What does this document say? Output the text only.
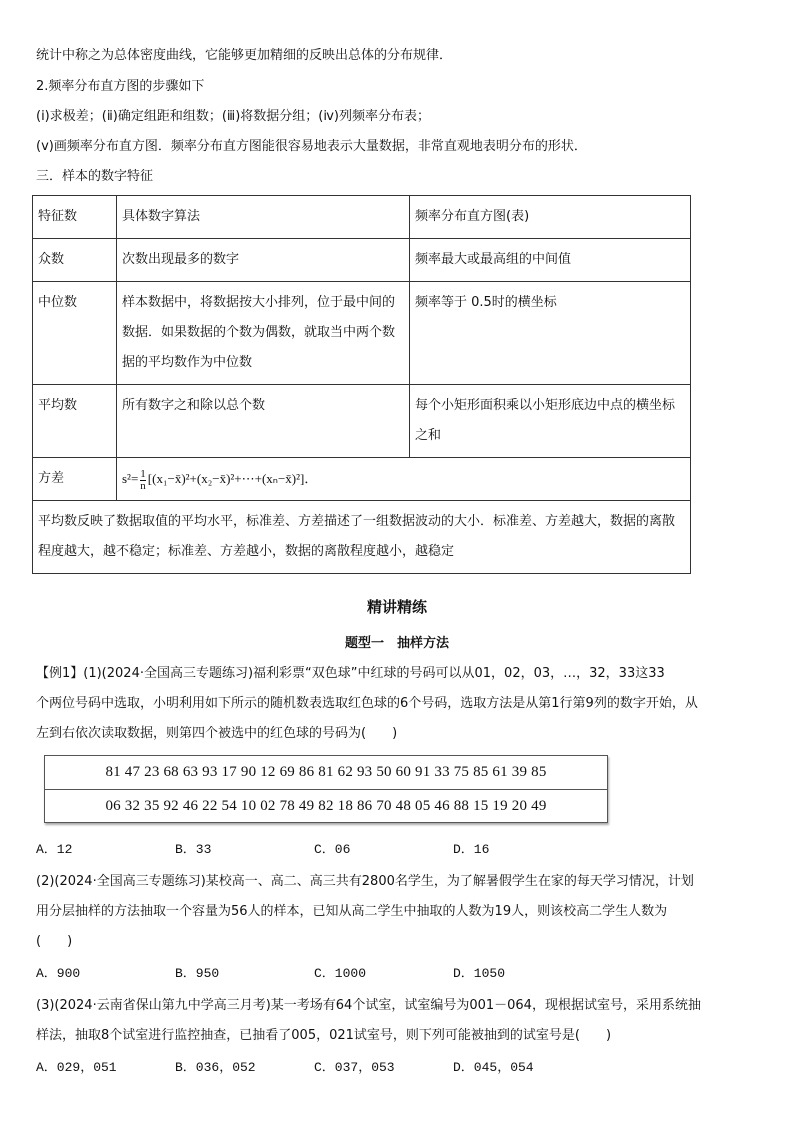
统计中称之为总体密度曲线，它能够更加精细的反映出总体的分布规律．
2.频率分布直方图的步骤如下
(ⅰ)求极差；(ⅱ)确定组距和组数；(ⅲ)将数据分组；(ⅳ)列频率分布表；
(ⅴ)画频率分布直方图．频率分布直方图能很容易地表示大量数据，非常直观地表明分布的形状．
三．样本的数字特征
特征数	具体数字算法	频率分布直方图(表)
众数	次数出现最多的数字	频率最大或最高组的中间值
中位数	样本数据中，将数据按大小排列，位于最中间的数据．如果数据的个数为偶数，就取当中两个数据的平均数作为中位数	频率等于 0.5时的横坐标
平均数	所有数字之和除以总个数	每个小矩形面积乘以小矩形底边中点的横坐标之和
方差	$s^2= \frac{1}{n}$ [(x₁−x̄)²+(x₂−x̄)²+⋯+(xₙ−x̄)²]．	
平均数反映了数据取值的平均水平，标准差、方差描述了一组数据波动的大小．标准差、方差越大，数据的离散程度越大，越不稳定；标准差、方差越小，数据的离散程度越小，越稳定		
精讲精练
题型一　抽样方法
【例1】(1)(2024·全国高三专题练习)福利彩票“双色球”中红球的号码可以从01，02，03，…，32，33这33
个两位号码中选取，小明利用如下所示的随机数表选取红色球的6个号码，选取方法是从第1行第9列的数字开始，从
左到右依次读取数据，则第四个被选中的红色球的号码为(　　)
81 47 23 68 63 93 17 90 12 69 86 81 62 93 50 60 91 33 75 85 61 39 85
06 32 35 92 46 22 54 10 02 78 49 82 18 86 70 48 05 46 88 15 19 20 49
A．12	B．33	C．06	D．16
(2)(2024·全国高三专题练习)某校高一、高二、高三共有2800名学生，为了解暑假学生在家的每天学习情况，计划
用分层抽样的方法抽取一个容量为56人的样本，已知从高二学生中抽取的人数为19人，则该校高二学生人数为
(　　)
A．900	B．950	C．1000	D．1050
(3)(2024·云南省保山第九中学高三月考)某一考场有64个试室，试室编号为001－064，现根据试室号，采用系统抽
样法，抽取8个试室进行监控抽查，已抽看了005，021试室号，则下列可能被抽到的试室号是(　　)
A．029，051	B．036，052	C．037，053	D．045，054
